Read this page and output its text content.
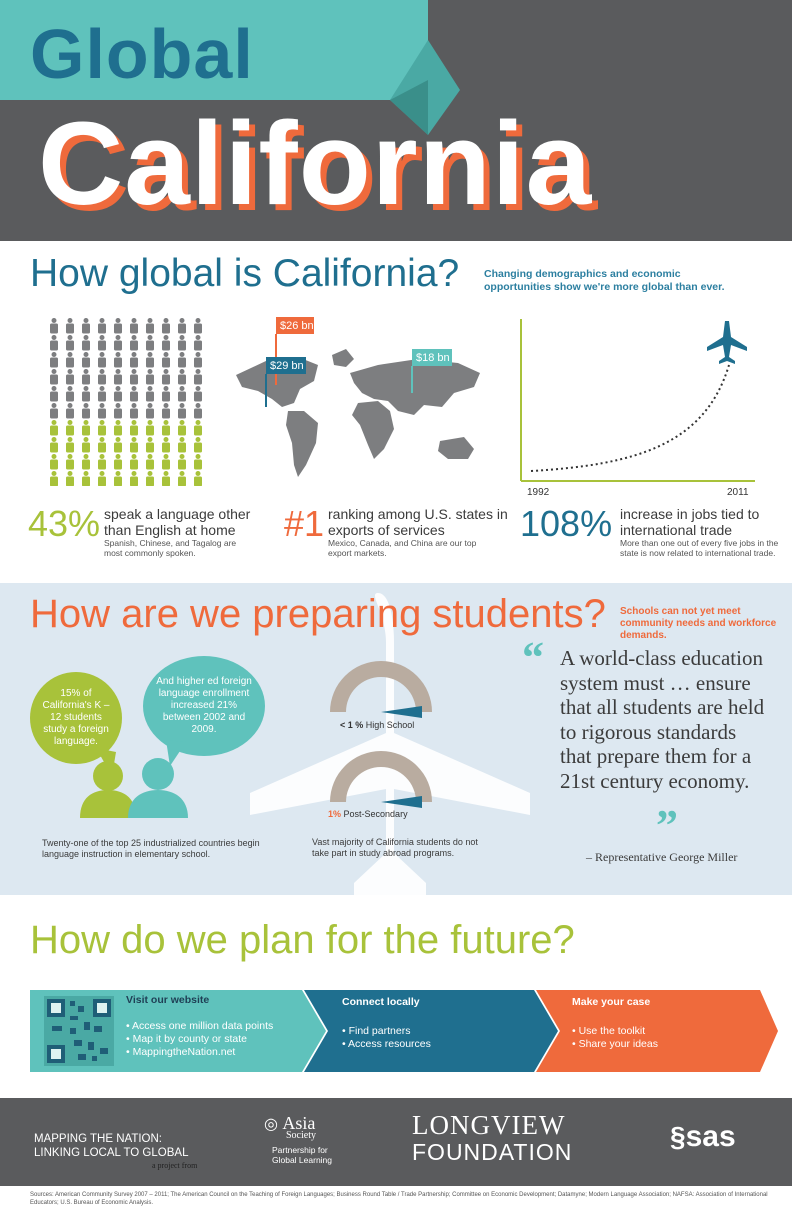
Global
California
How global is California? Changing demographics and economic opportunities show we're more global than ever.
$26 bn
$29 bn
$18 bn
1992	2011
43% speak a language other than English at home
Spanish, Chinese, and Tagalog are most commonly spoken.
#1 ranking among U.S. states in exports of services
Mexico, Canada, and China are our top export markets.
108% increase in jobs tied to international trade
More than one out of every five jobs in the state is now related to international trade.
How are we preparing students? Schools can not yet meet community needs and workforce demands.
15% of California's K – 12 students study a foreign language.
And higher ed foreign language enrollment increased 21% between 2002 and 2009.
Twenty-one of the top 25 industrialized countries begin language instruction in elementary school.
< 1 % High School
1% Post-Secondary
Vast majority of California students do not take part in study abroad programs.
“ A world-class education system must … ensure that all students are held to rigorous standards that prepare them for a 21st century economy.
”
– Representative George Miller
How do we plan for the future?
Visit our website
• Access one million data points
• Map it by county or state
• MappingtheNation.net
Connect locally
• Find partners
• Access resources
Make your case
• Use the toolkit
• Share your ideas
MAPPING THE NATION:
LINKING LOCAL TO GLOBAL
a project from
◎ Asia
Society
Partnership for
Global Learning
LONGVIEW
FOUNDATION	§sas
Sources: American Community Survey 2007 – 2011; The American Council on the Teaching of Foreign Languages; Business Round Table / Trade Partnership; Committee on Economic Development; Datamyne; Modern Language Association; NAFSA: Association of International Educators; U.S. Bureau of Economic Analysis.
